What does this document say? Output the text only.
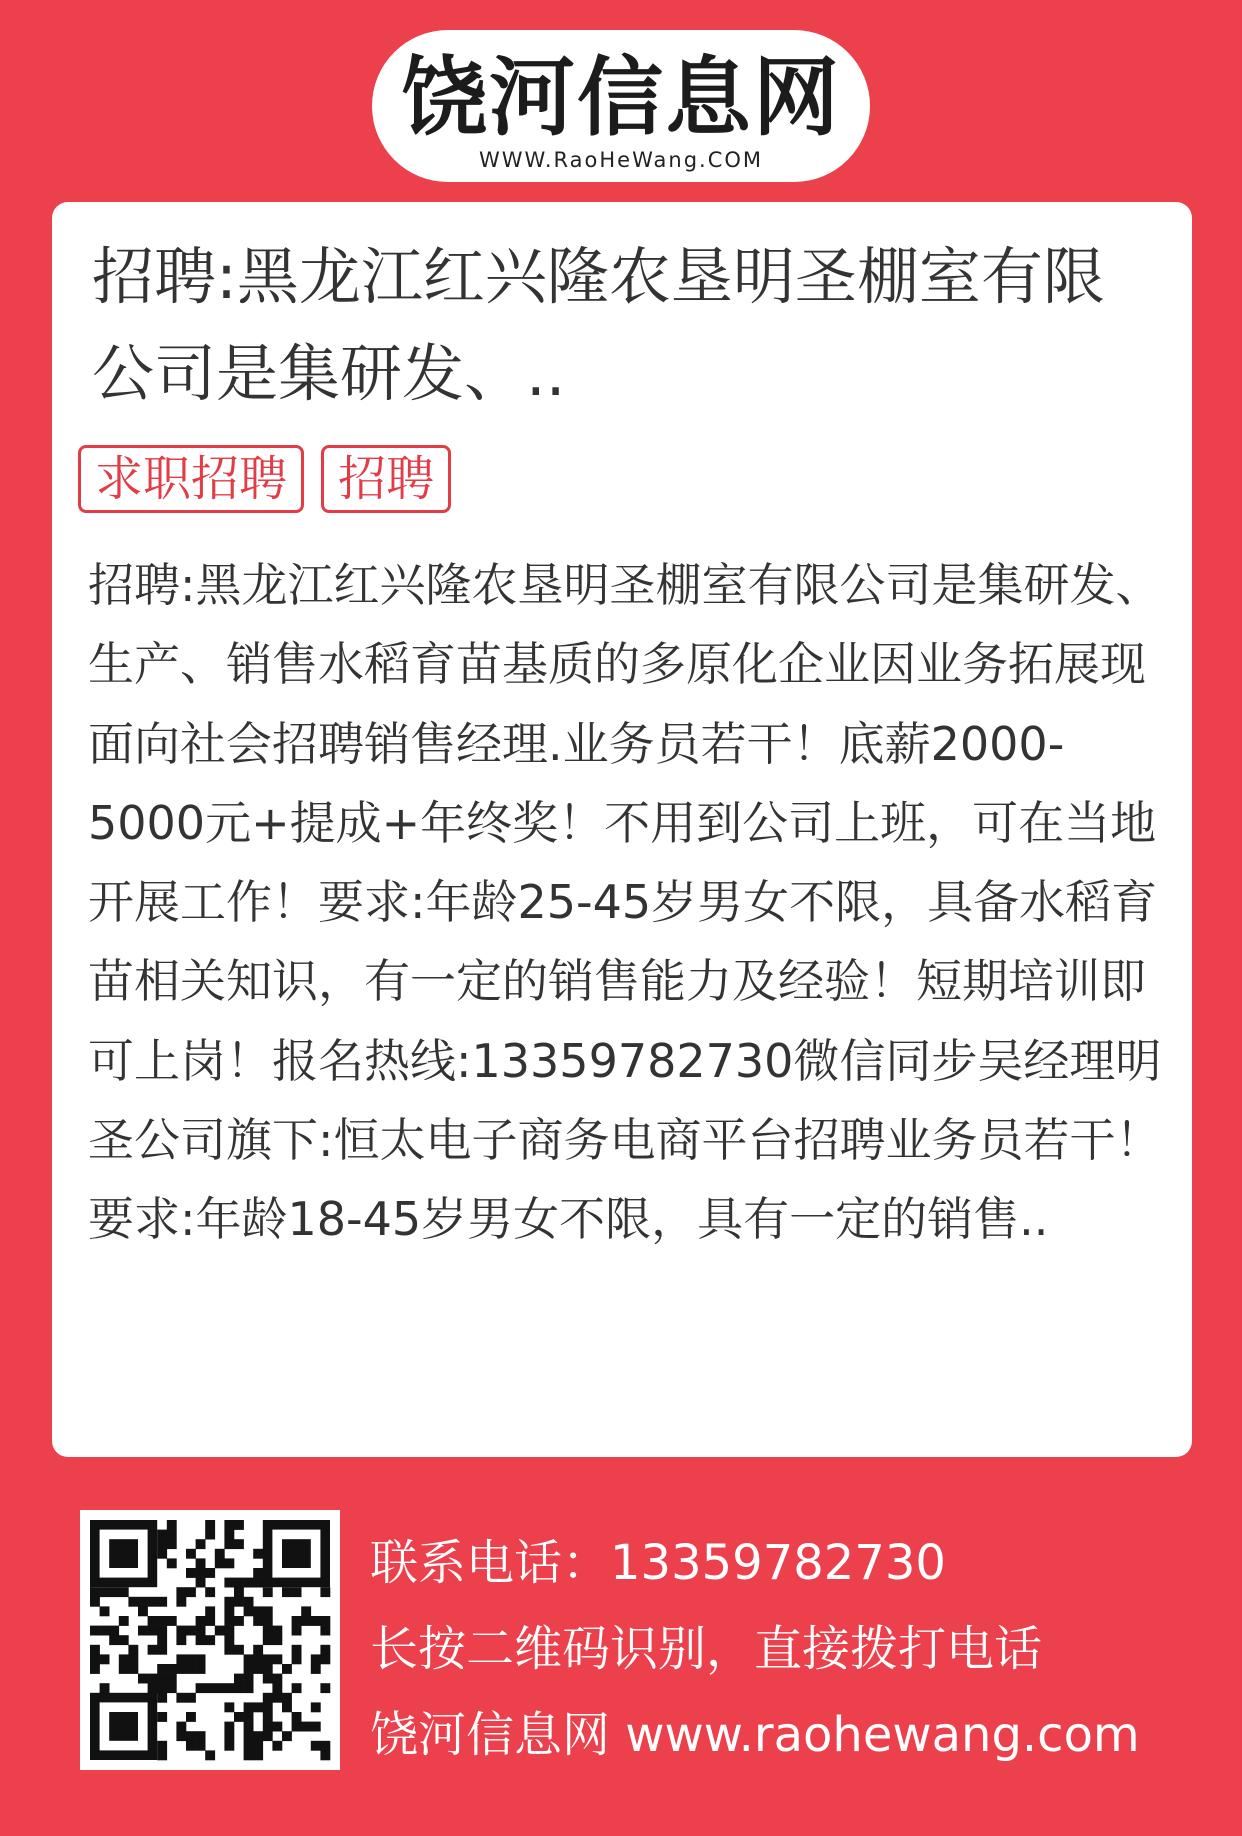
饶河信息网
WWW.RaoHeWang.COM
招聘:黑龙江红兴隆农垦明圣棚室有限公司是集研发、..
求职招聘 招聘

招聘:黑龙江红兴隆农垦明圣棚室有限公司是集研发、生产、销售水稻育苗基质的多原化企业因业务拓展现面向社会招聘销售经理.业务员若干！底薪2000-5000元+提成+年终奖！不用到公司上班，可在当地开展工作！要求:年龄25-45岁男女不限，具备水稻育苗相关知识，有一定的销售能力及经验！短期培训即可上岗！报名热线:13359782730微信同步吴经理明圣公司旗下:恒太电子商务电商平台招聘业务员若干！要求:年龄18-45岁男女不限，具有一定的销售..

联系电话：13359782730
长按二维码识别，直接拨打电话
饶河信息网 www.raohewang.com
